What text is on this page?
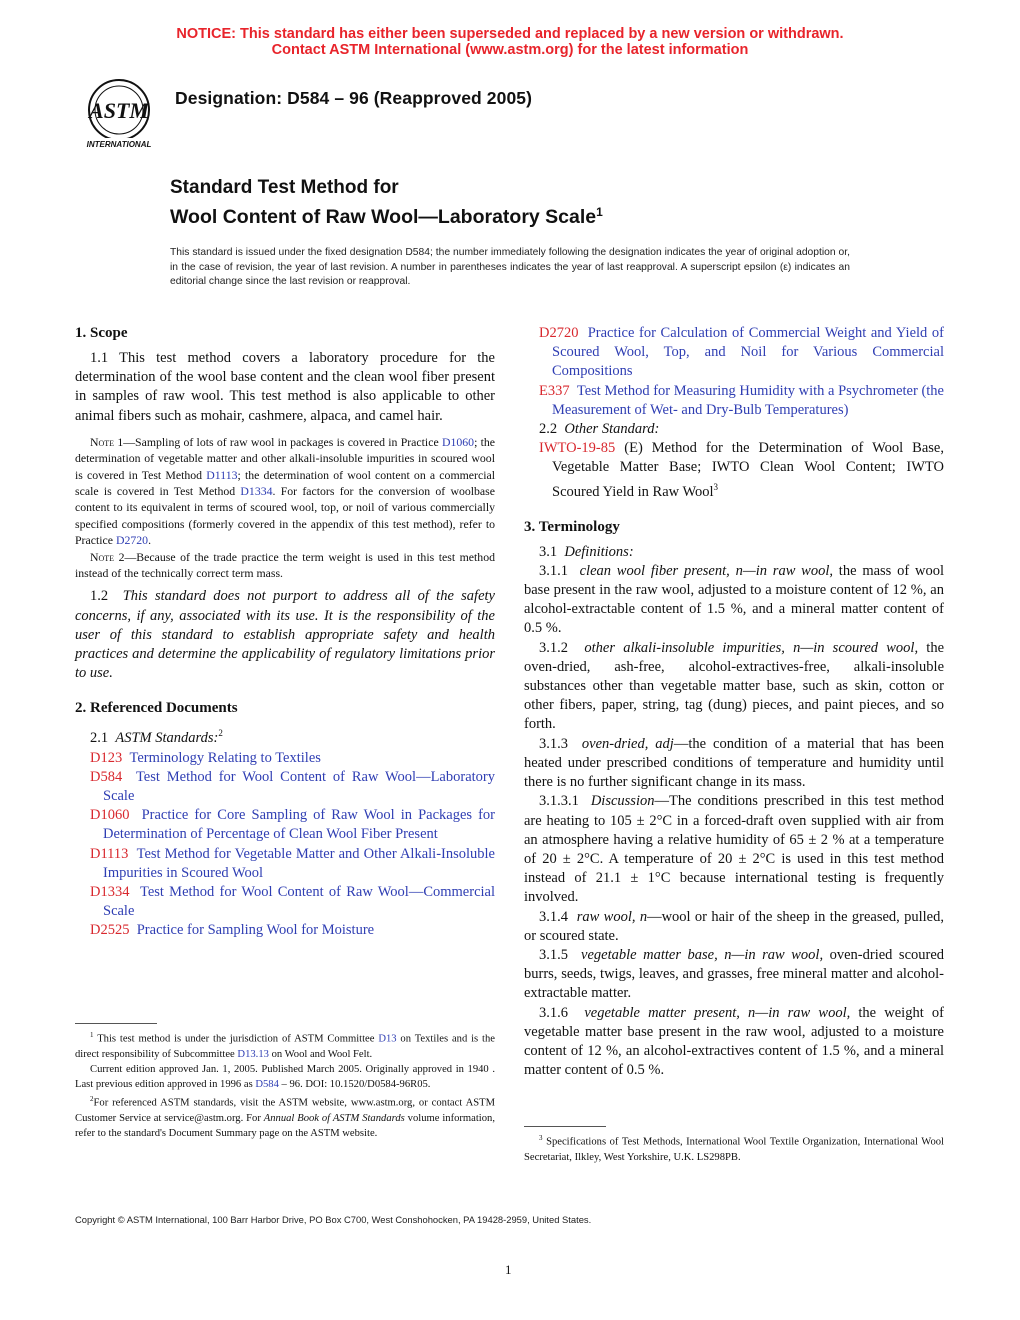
NOTICE: This standard has either been superseded and replaced by a new version or withdrawn.
Contact ASTM International (www.astm.org) for the latest information
ASTM
INTERNATIONAL
Designation: D584 – 96 (Reapproved 2005)
Standard Test Method for
Wool Content of Raw Wool—Laboratory Scale$^1$
This standard is issued under the fixed designation D584; the number immediately following the designation indicates the year of original adoption or, in the case of revision, the year of last revision. A number in parentheses indicates the year of last reapproval. A superscript epsilon (ε) indicates an editorial change since the last revision or reapproval.
1. Scope

1.1 This test method covers a laboratory procedure for the determination of the wool base content and the clean wool fiber present in samples of raw wool. This test method is also applicable to other animal fibers such as mohair, cashmere, alpaca, and camel hair.

Note 1—Sampling of lots of raw wool in packages is covered in Practice D1060; the determination of vegetable matter and other alkali-insoluble impurities in scoured wool is covered in Test Method D1113; the determination of wool content on a commercial scale is covered in Test Method D1334. For factors for the conversion of woolbase content to its equivalent in terms of scoured wool, top, or noil of various commercially specified compositions (formerly covered in the appendix of this test method), refer to Practice D2720.

Note 2—Because of the trade practice the term weight is used in this test method instead of the technically correct term mass.

1.2 This standard does not purport to address all of the safety concerns, if any, associated with its use. It is the responsibility of the user of this standard to establish appropriate safety and health practices and determine the applicability of regulatory limitations prior to use.

2. Referenced Documents

2.1 ASTM Standards:$^2$

D123 Terminology Relating to Textiles

D584 Test Method for Wool Content of Raw Wool—Laboratory Scale

D1060 Practice for Core Sampling of Raw Wool in Packages for Determination of Percentage of Clean Wool Fiber Present

D1113 Test Method for Vegetable Matter and Other Alkali-Insoluble Impurities in Scoured Wool

D1334 Test Method for Wool Content of Raw Wool—Commercial Scale

D2525 Practice for Sampling Wool for Moisture

$^1$ This test method is under the jurisdiction of ASTM Committee D13 on Textiles and is the direct responsibility of Subcommittee D13.13 on Wool and Wool Felt.

Current edition approved Jan. 1, 2005. Published March 2005. Originally approved in 1940 . Last previous edition approved in 1996 as D584 – 96. DOI: 10.1520/D0584-96R05.

$^2$For referenced ASTM standards, visit the ASTM website, www.astm.org, or contact ASTM Customer Service at service@astm.org. For Annual Book of ASTM Standards volume information, refer to the standard's Document Summary page on the ASTM website.

D2720 Practice for Calculation of Commercial Weight and Yield of Scoured Wool, Top, and Noil for Various Commercial Compositions

E337 Test Method for Measuring Humidity with a Psychrometer (the Measurement of Wet- and Dry-Bulb Temperatures)

2.2 Other Standard:

IWTO-19-85 (E) Method for the Determination of Wool Base, Vegetable Matter Base; IWTO Clean Wool Content; IWTO Scoured Yield in Raw Wool$^3$

3. Terminology

3.1 Definitions:

3.1.1 clean wool fiber present, n—in raw wool, the mass of wool base present in the raw wool, adjusted to a moisture content of 12 %, an alcohol-extractable content of 1.5 %, and a mineral matter content of 0.5 %.

3.1.2 other alkali-insoluble impurities, n—in scoured wool, the oven-dried, ash-free, alcohol-extractives-free, alkali-insoluble substances other than vegetable matter base, such as skin, cotton or other fibers, paper, string, tag (dung) pieces, and paint pieces, and so forth.

3.1.3 oven-dried, adj—the condition of a material that has been heated under prescribed conditions of temperature and humidity until there is no further significant change in its mass.

3.1.3.1 Discussion—The conditions prescribed in this test method are heating to 105 ± 2°C in a forced-draft oven supplied with air from an atmosphere having a relative humidity of 65 ± 2 % at a temperature of 20 ± 2°C. A temperature of 20 ± 2°C is used in this test method instead of 21.1 ± 1°C because international testing is frequently involved.

3.1.4 raw wool, n—wool or hair of the sheep in the greased, pulled, or scoured state.

3.1.5 vegetable matter base, n—in raw wool, oven-dried scoured burrs, seeds, twigs, leaves, and grasses, free mineral matter and alcohol-extractable matter.

3.1.6 vegetable matter present, n—in raw wool, the weight of vegetable matter base present in the raw wool, adjusted to a moisture content of 12 %, an alcohol-extractives content of 1.5 %, and a mineral matter content of 0.5 %.

$^3$ Specifications of Test Methods, International Wool Textile Organization, International Wool Secretariat, Ilkley, West Yorkshire, U.K. LS298PB.

Copyright © ASTM International, 100 Barr Harbor Drive, PO Box C700, West Conshohocken, PA 19428-2959, United States.
1
